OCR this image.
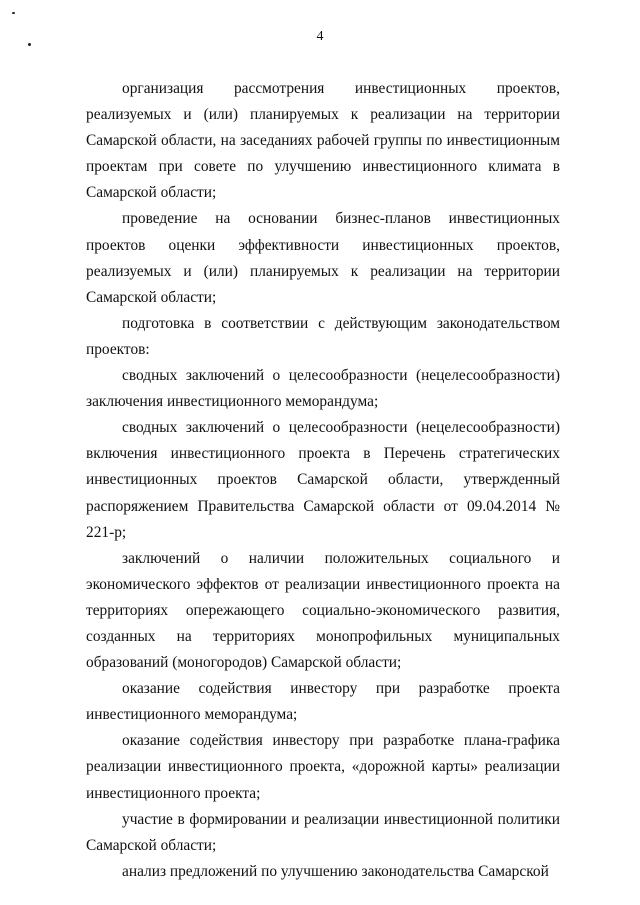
4

организация рассмотрения инвестиционных проектов, реализуемых и (или) планируемых к реализации на территории Самарской области, на заседаниях рабочей группы по инвестиционным проектам при совете по улучшению инвестиционного климата в Самарской области;

проведение на основании бизнес-планов инвестиционных проектов оценки эффективности инвестиционных проектов, реализуемых и (или) планируемых к реализации на территории Самарской области;

подготовка в соответствии с действующим законодательством проектов:

сводных заключений о целесообразности (нецелесообразности) заключения инвестиционного меморандума;

сводных заключений о целесообразности (нецелесообразности) включения инвестиционного проекта в Перечень стратегических инвестиционных проектов Самарской области, утвержденный распоряжением Правительства Самарской области от 09.04.2014 № 221-р;

заключений о наличии положительных социального и экономического эффектов от реализации инвестиционного проекта на территориях опережающего социально-экономического развития, созданных на территориях монопрофильных муниципальных образований (моногородов) Самарской области;

оказание содействия инвестору при разработке проекта инвестиционного меморандума;

оказание содействия инвестору при разработке плана-графика реализации инвестиционного проекта, «дорожной карты» реализации инвестиционного проекта;

участие в формировании и реализации инвестиционной политики Самарской области;

анализ предложений по улучшению законодательства Самарской
